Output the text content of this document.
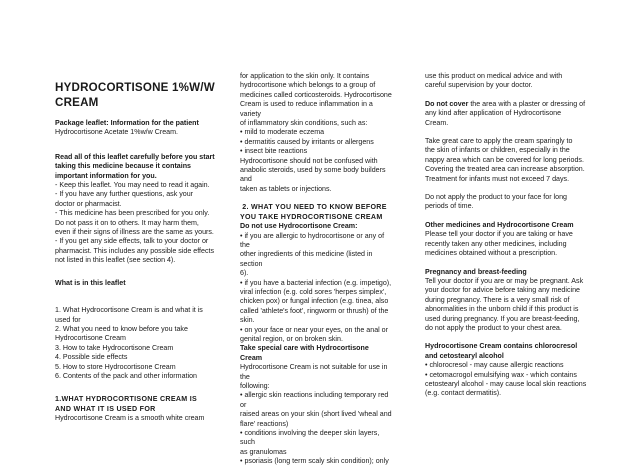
HYDROCORTISONE 1%W/W
CREAM

Package leaflet: Information for the patient
Hydrocortisone Acetate 1%w/w Cream.

Read all of this leaflet carefully before you start
taking this medicine because it contains
important information for you.
- Keep this leaflet. You may need to read it again.
- If you have any further questions, ask your
doctor or pharmacist.
- This medicine has been prescribed for you only.
Do not pass it on to others. It may harm them,
even if their signs of illness are the same as yours.
- If you get any side effects, talk to your doctor or
pharmacist. This includes any possible side effects
not listed in this leaflet (see section 4).

What is in this leaflet

1. What Hydrocortisone Cream is and what it is
used for
2. What you need to know before you take
Hydrocortisone Cream
3. How to take Hydrocortisone Cream
4. Possible side effects
5. How to store Hydrocortisone Cream
6. Contents of the pack and other information

1.WHAT HYDROCORTISONE CREAM IS
AND WHAT IT IS USED FOR
Hydrocortisone Cream is a smooth white cream

for application to the skin only. It contains
hydrocortisone which belongs to a group of
medicines called corticosteroids. Hydrocortisone
Cream is used to reduce inflammation in a variety
of inflammatory skin conditions, such as:
• mild to moderate eczema
• dermatitis caused by irritants or allergens
• insect bite reactions
Hydrocortisone should not be confused with
anabolic steroids, used by some body builders and
taken as tablets or injections.

2. WHAT YOU NEED TO KNOW BEFORE
YOU TAKE HYDROCORTISONE CREAM
Do not use Hydrocortisone Cream:
• if you are allergic to hydrocortisone or any of the
other ingredients of this medicine (listed in section
6).
• if you have a bacterial infection (e.g. impetigo),
viral infection (e.g. cold sores 'herpes simplex',
chicken pox) or fungal infection (e.g. tinea, also
called 'athlete's foot', ringworm or thrush) of the
skin.
• on your face or near your eyes, on the anal or
genital region, or on broken skin.
Take special care with Hydrocortisone Cream
Hydrocortisone Cream is not suitable for use in the
following:
• allergic skin reactions including temporary red or
raised areas on your skin (short lived 'wheal and
flare' reactions)
• conditions involving the deeper skin layers, such
as granulomas
• psoriasis (long term scaly skin condition); only

use this product on medical advice and with
careful supervision by your doctor.

Do not cover the area with a plaster or dressing of
any kind after application of Hydrocortisone
Cream.

Take great care to apply the cream sparingly to
the skin of infants or children, especially in the
nappy area which can be covered for long periods.
Covering the treated area can increase absorption.
Treatment for infants must not exceed 7 days.

Do not apply the product to your face for long
periods of time.

Other medicines and Hydrocortisone Cream
Please tell your doctor if you are taking or have
recently taken any other medicines, including
medicines obtained without a prescription.

Pregnancy and breast-feeding
Tell your doctor if you are or may be pregnant. Ask
your doctor for advice before taking any medicine
during pregnancy. There is a very small risk of
abnormalities in the unborn child if this product is
used during pregnancy. If you are breast-feeding,
do not apply the product to your chest area.

Hydrocortisone Cream contains chlorocresol
and cetostearyl alcohol
• chlorocresol - may cause allergic reactions
• cetomacrogol emulsifying wax - which contains
cetostearyl alcohol - may cause local skin reactions
(e.g. contact dermatitis).
